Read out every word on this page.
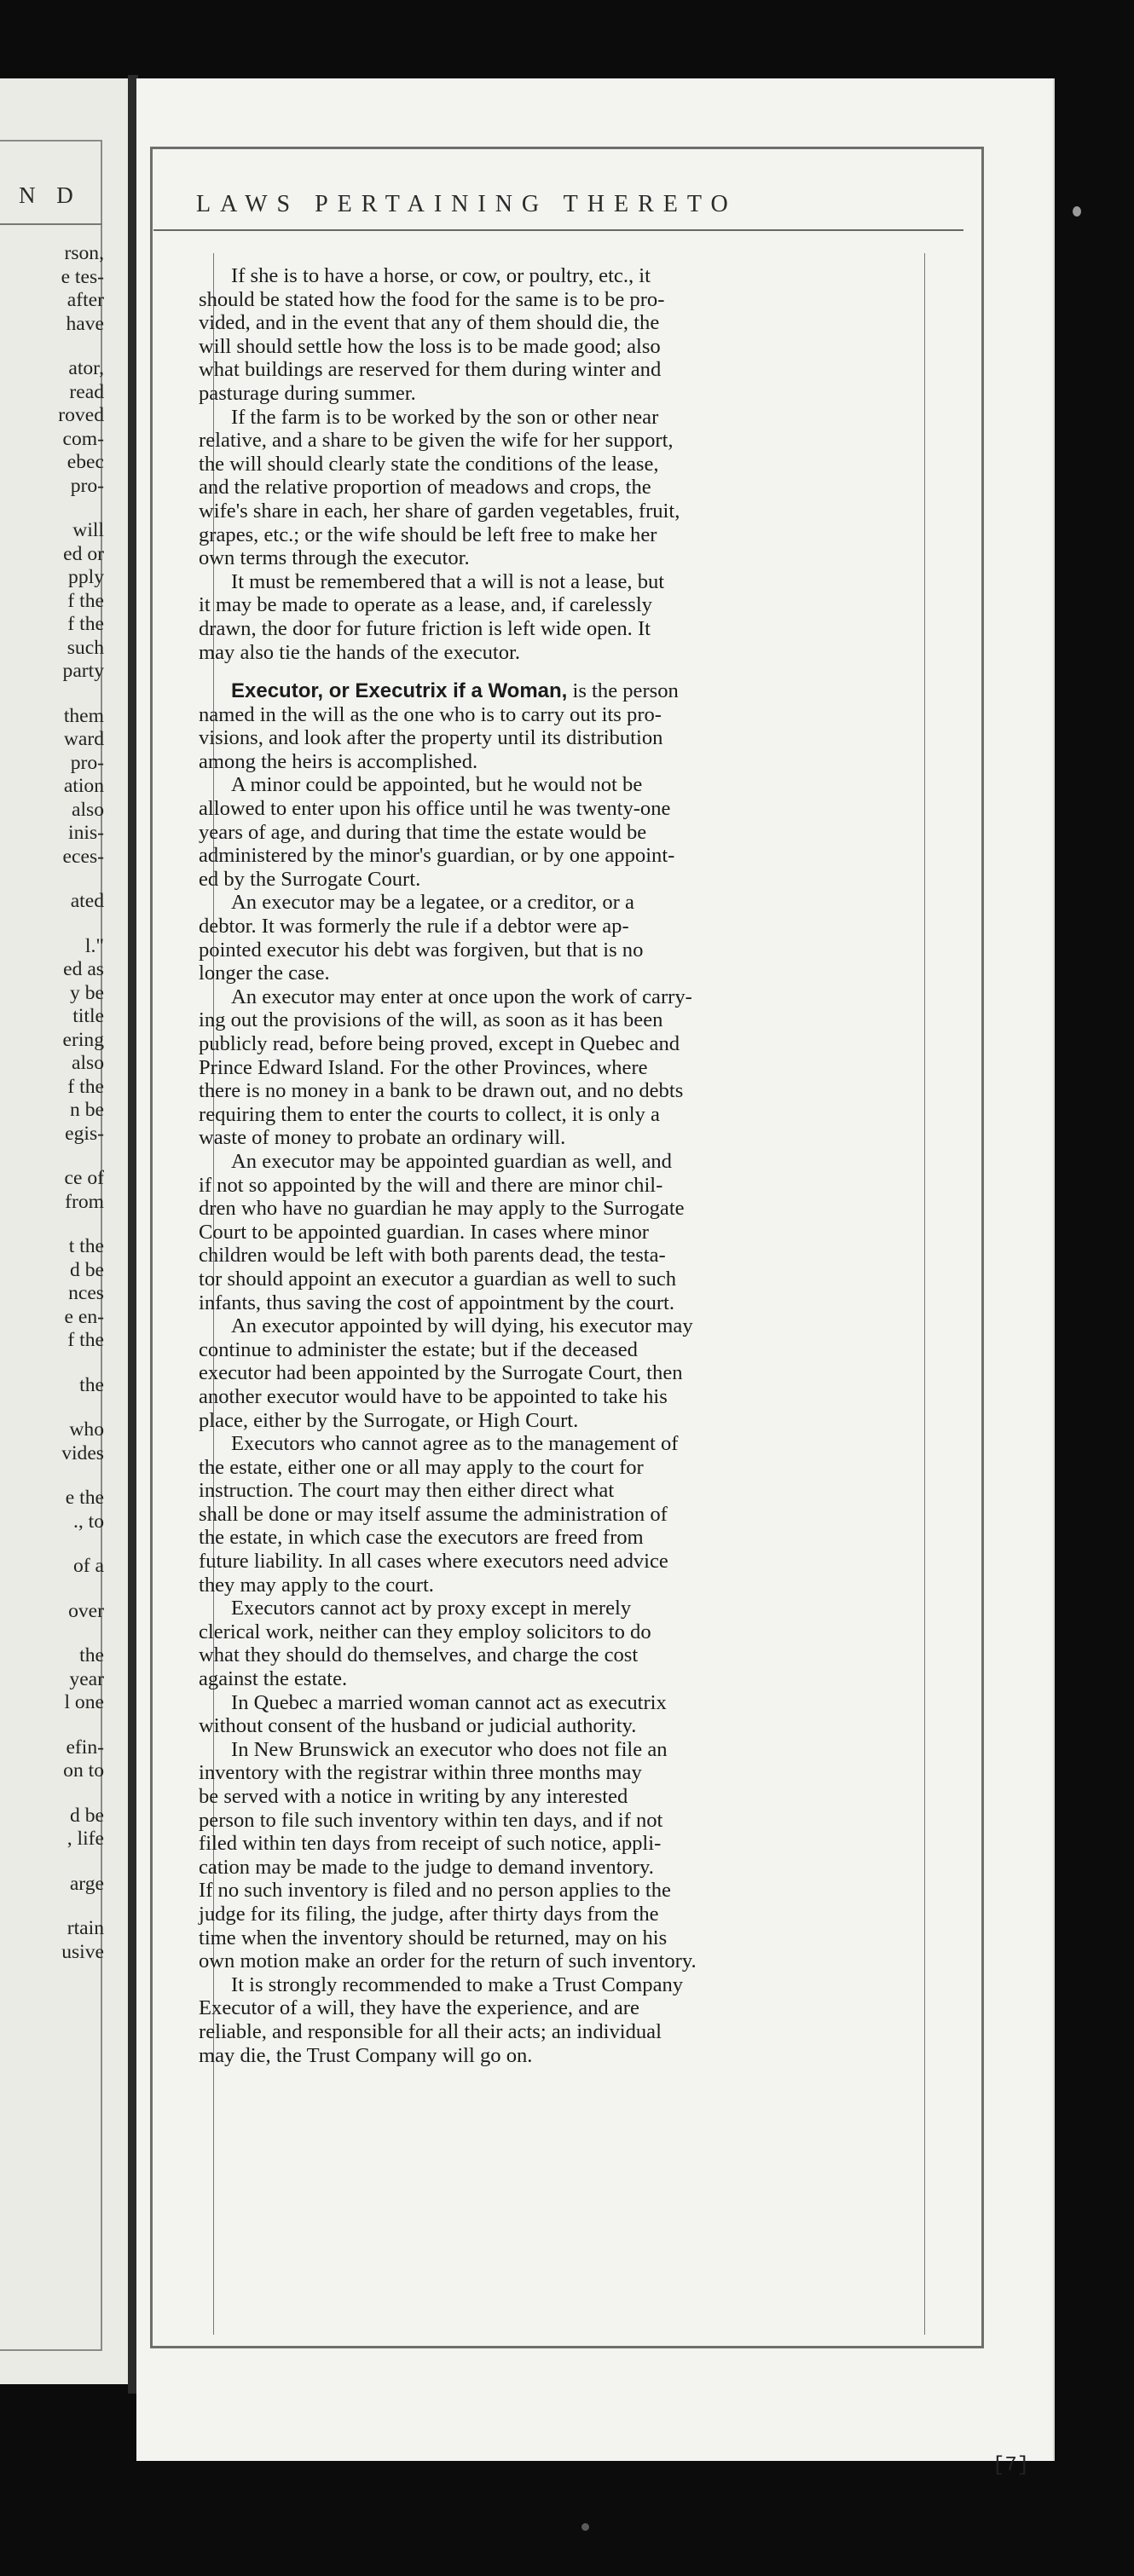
N D
rson,
e tes-
after
have
ator,
read
roved
com-
ebec
pro-
will
ed or
pply
f the
f the
such
party
them
ward
pro-
ation
also
inis-
eces-
ated
l."
ed as
y be
title
ering
also
f the
n be
egis-
ce of
from
t the
d be
nces
e en-
f the
the
who
vides
e the
., to
of a
over
the
year
l one
efin-
on to
d be
, life
arge
rtain
usive
LAWS PERTAINING THERETO
If she is to have a horse, or cow, or poultry, etc., it
should be stated how the food for the same is to be pro-
vided, and in the event that any of them should die, the
will should settle how the loss is to be made good; also
what buildings are reserved for them during winter and
pasturage during summer.
If the farm is to be worked by the son or other near
relative, and a share to be given the wife for her support,
the will should clearly state the conditions of the lease,
and the relative proportion of meadows and crops, the
wife's share in each, her share of garden vegetables, fruit,
grapes, etc.; or the wife should be left free to make her
own terms through the executor.
It must be remembered that a will is not a lease, but
it may be made to operate as a lease, and, if carelessly
drawn, the door for future friction is left wide open. It
may also tie the hands of the executor.
Executor, or Executrix if a Woman, is the person
named in the will as the one who is to carry out its pro-
visions, and look after the property until its distribution
among the heirs is accomplished.
A minor could be appointed, but he would not be
allowed to enter upon his office until he was twenty-one
years of age, and during that time the estate would be
administered by the minor's guardian, or by one appoint-
ed by the Surrogate Court.
An executor may be a legatee, or a creditor, or a
debtor. It was formerly the rule if a debtor were ap-
pointed executor his debt was forgiven, but that is no
longer the case.
An executor may enter at once upon the work of carry-
ing out the provisions of the will, as soon as it has been
publicly read, before being proved, except in Quebec and
Prince Edward Island. For the other Provinces, where
there is no money in a bank to be drawn out, and no debts
requiring them to enter the courts to collect, it is only a
waste of money to probate an ordinary will.
An executor may be appointed guardian as well, and
if not so appointed by the will and there are minor chil-
dren who have no guardian he may apply to the Surrogate
Court to be appointed guardian. In cases where minor
children would be left with both parents dead, the testa-
tor should appoint an executor a guardian as well to such
infants, thus saving the cost of appointment by the court.
An executor appointed by will dying, his executor may
continue to administer the estate; but if the deceased
executor had been appointed by the Surrogate Court, then
another executor would have to be appointed to take his
place, either by the Surrogate, or High Court.
Executors who cannot agree as to the management of
the estate, either one or all may apply to the court for
instruction. The court may then either direct what
shall be done or may itself assume the administration of
the estate, in which case the executors are freed from
future liability. In all cases where executors need advice
they may apply to the court.
Executors cannot act by proxy except in merely
clerical work, neither can they employ solicitors to do
what they should do themselves, and charge the cost
against the estate.
In Quebec a married woman cannot act as executrix
without consent of the husband or judicial authority.
In New Brunswick an executor who does not file an
inventory with the registrar within three months may
be served with a notice in writing by any interested
person to file such inventory within ten days, and if not
filed within ten days from receipt of such notice, appli-
cation may be made to the judge to demand inventory.
If no such inventory is filed and no person applies to the
judge for its filing, the judge, after thirty days from the
time when the inventory should be returned, may on his
own motion make an order for the return of such inventory.
It is strongly recommended to make a Trust Company
Executor of a will, they have the experience, and are
reliable, and responsible for all their acts; an individual
may die, the Trust Company will go on.
[7]
